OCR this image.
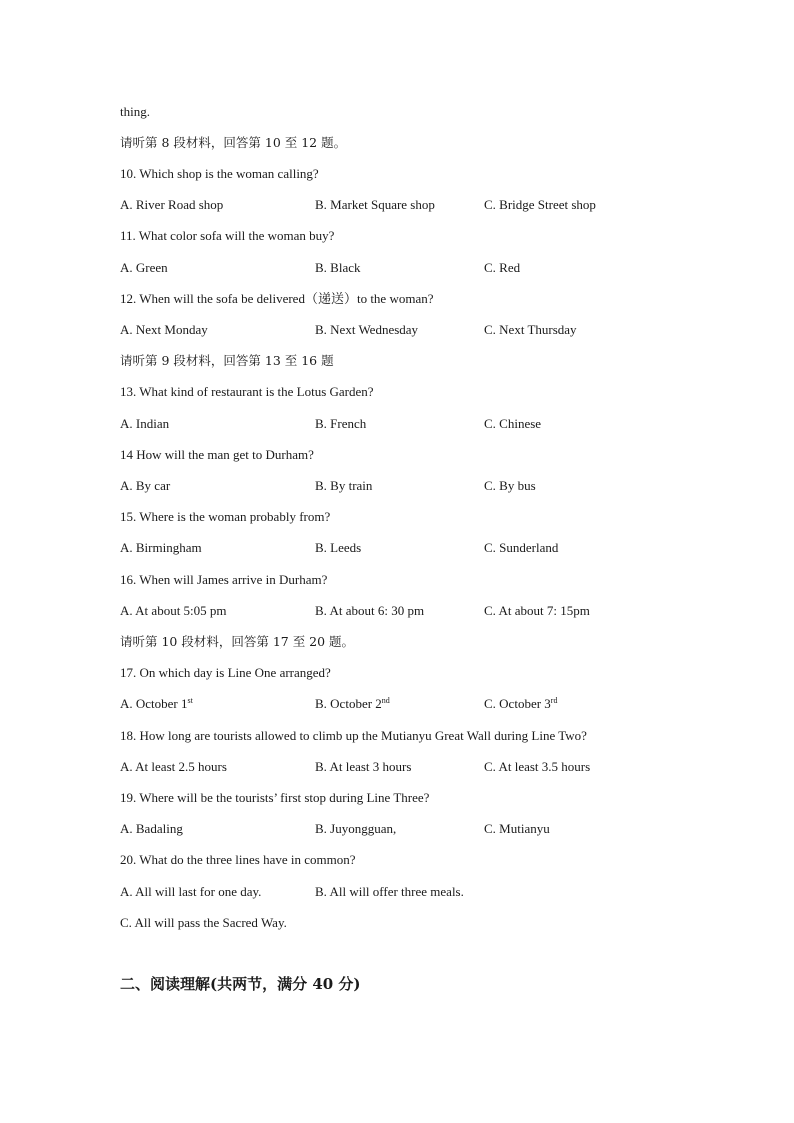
thing.
请听第 8 段材料，回答第 10 至 12 题。
10. Which shop is the woman calling?
A. River Road shop	B. Market Square shop	C. Bridge Street shop
11. What color sofa will the woman buy?
A. Green	B. Black	C. Red
12. When will the sofa be delivered（递送）to the woman?
A. Next Monday	B. Next Wednesday	C. Next Thursday
请听第 9 段材料，回答第 13 至 16 题
13. What kind of restaurant is the Lotus Garden?
A. Indian	B. French	C. Chinese
14 How will the man get to Durham?
A. By car	B. By train	C. By bus
15. Where is the woman probably from?
A. Birmingham	B. Leeds	C. Sunderland
16. When will James arrive in Durham?
A. At about 5:05 pm	B. At about 6: 30 pm	C. At about 7: 15pm
请听第 10 段材料，回答第 17 至 20 题。
17. On which day is Line One arranged?
A. October 1st	B. October 2nd	C. October 3rd
18. How long are tourists allowed to climb up the Mutianyu Great Wall during Line Two?
A. At least 2.5 hours	B. At least 3 hours	C. At least 3.5 hours
19. Where will be the tourists’ first stop during Line Three?
A. Badaling	B. Juyongguan,	C. Mutianyu
20. What do the three lines have in common?
A. All will last for one day.	B. All will offer three meals.
C. All will pass the Sacred Way.
二、阅读理解(共两节，满分 40 分)
